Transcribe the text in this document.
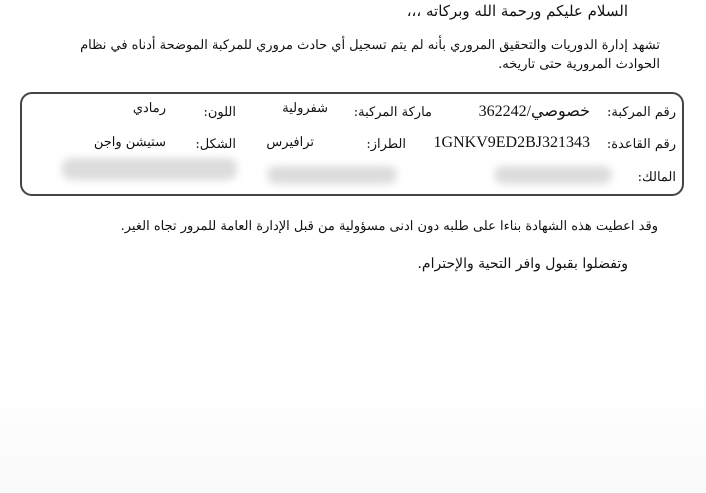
السلام عليكم ورحمة الله وبركاته ،،،
تشهد إدارة الدوريات والتحقيق المروري بأنه لم يتم تسجيل أي حادث مروري للمركبة الموضحة أدناه في نظام الحوادث المرورية حتى تاريخه.
رقم المركبة:
خصوصي/362242
ماركة المركبة:
شفرولية
اللون:
رمادي
رقم القاعدة:
1GNKV9ED2BJ321343
الطراز:
ترافيرس
الشكل:
ستيشن واجن
المالك:
وقد اعطيت هذه الشهادة بناءا على طلبه دون ادنى مسؤولية من قبل الإدارة العامة للمرور تجاه الغير.
وتفضلوا بقبول وافر التحية والإحترام.
